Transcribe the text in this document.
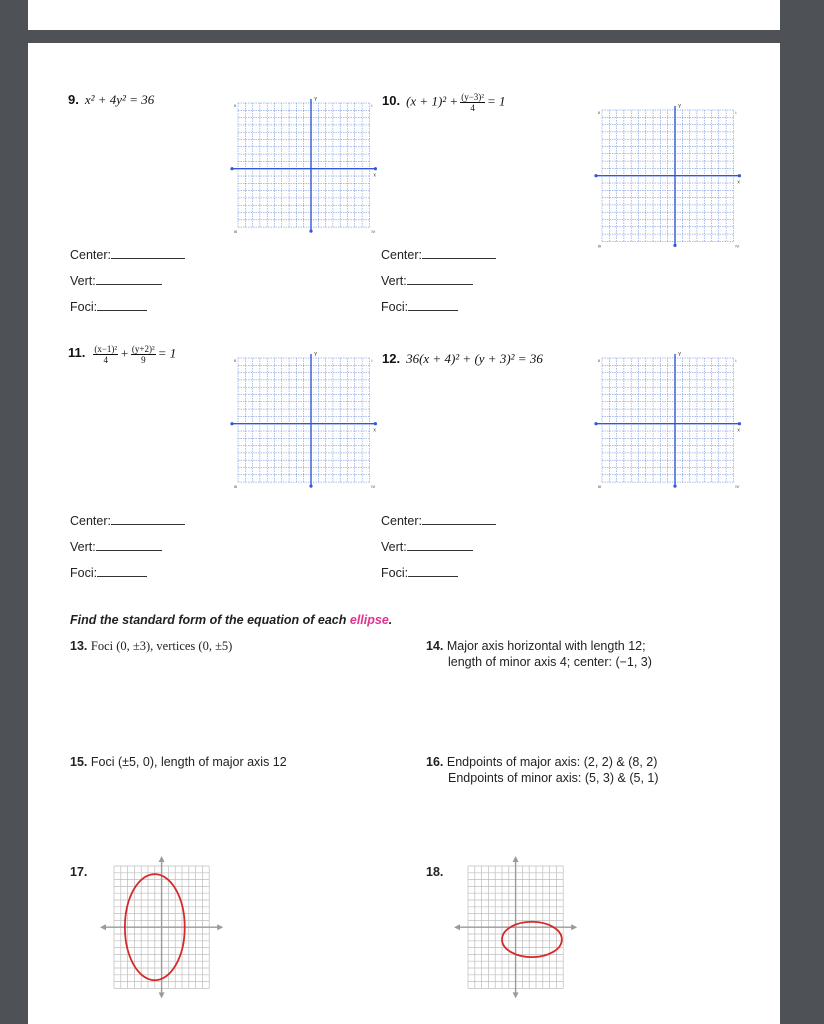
9. x² + 4y² = 36	Y
x
II	I
III	IV
10. $(x + 1)^2 + \frac{\text{(y−3)²}}{4} = 1$	Y
x
II	I
III	IV
Center:
Vert:
Foci:
Center:
Vert:
Foci:
11. $\frac{\text{(x−1)²}}{4} + \frac{\text{(y+2)²}}{9} = 1$	Y
x
II	I
III	IV
12. 36(x + 4)² + (y + 3)² = 36	Y
x
II	I
III	IV
Center:
Vert:
Foci:
Center:
Vert:
Foci:
Find the standard form of the equation of each ellipse.
13. Foci (0, ±3), vertices (0, ±5)	14. Major axis horizontal with length 12;
length of minor axis 4; center: (−1, 3)
15. Foci (±5, 0), length of major axis 12	16. Endpoints of major axis: (2, 2) & (8, 2)
Endpoints of minor axis: (5, 3) & (5, 1)
17.	18.
